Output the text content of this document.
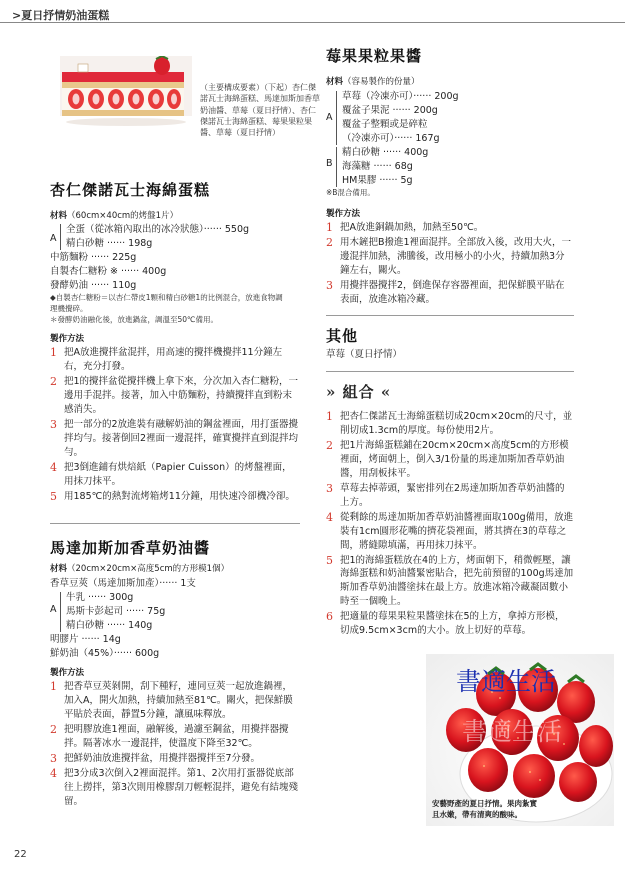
>夏日抒情奶油蛋糕
（主要構成要素）（下起）杏仁傑諾瓦士海綿蛋糕、馬達加斯加香草奶油醬、草莓（夏日抒情）、杏仁傑諾瓦士海綿蛋糕、莓果果粒果醬、草莓（夏日抒情）
杏仁傑諾瓦士海綿蛋糕
材料（60cm×40cm的烤盤1片）
A
全蛋（從冰箱內取出的冰冷狀態）······ 550g
精白砂糖 ······ 198g
中筋麵粉 ······ 225g
自製杏仁糖粉 ※ ······ 400g
發酵奶油 ······ 110g
◆自製杏仁糖粉＝以杏仁帶皮1顆和精白砂糖1的比例混合，放進食物調
理機攪碎。
＊發酵奶油融化後，放進鍋盆，調溫至50℃備用。
製作方法
1 把A放進攪拌盆混拌，用高速的攪拌機攪拌11分鐘左右，充分打發。
2 把1的攪拌盆從攪拌機上拿下來，分次加入杏仁糖粉，一邊用手混拌。接著，加入中筋麵粉，持續攪拌直到粉末感消失。
3 把一部分的2放進裝有融解奶油的鋼盆裡面，用打蛋器攪拌均勻。接著倒回2裡面一邊混拌，確實攪拌直到混拌均勻。
4 把3倒進鋪有烘焙紙（Papier Cuisson）的烤盤裡面，用抹刀抹平。
5 用185℃的熱對流烤箱烤11分鐘，用快速冷卻機冷卻。
馬達加斯加香草奶油醬
材料（20cm×20cm×高度5cm的方形模1個）
香草豆莢（馬達加斯加產）······ 1支
A
牛乳 ······ 300g
馬斯卡彭起司 ······ 75g
精白砂糖 ······ 140g
明膠片 ······ 14g
鮮奶油（45%）······ 600g
製作方法
1 把香草豆莢剝開，刮下種籽，連同豆莢一起放進鍋裡，加入A，開火加熱，持續加熱至81℃。關火，把保鮮膜平貼於表面，靜置5分鐘，讓風味釋放。
2 把明膠放進1裡面，融解後，過濾至鋼盆，用攪拌器攪拌。隔著冰水一邊混拌，使溫度下降至32℃。
3 把鮮奶油放進攪拌盆，用攪拌器攪拌至7分發。
4 把3分成3次倒入2裡面混拌。第1、2次用打蛋器從底部往上撈拌，第3次則用橡膠刮刀輕輕混拌，避免有結塊殘留。
莓果果粒果醬
材料（容易製作的份量）
A
草莓（冷凍亦可）······ 200g
覆盆子果泥 ······ 200g
覆盆子整顆或是碎粒
（冷凍亦可）······ 167g
B
精白砂糖 ······ 400g
海藻糖 ······ 68g
HM果膠 ······ 5g
※B混合備用。
製作方法
1 把A放進銅鍋加熱，加熱至50℃。
2 用木鏟把B撥進1裡面混拌。全部放入後，改用大火，一邊混拌加熱，沸騰後，改用極小的小火，持續加熱3分鐘左右，關火。
3 用攪拌器攪拌2，倒進保存容器裡面，把保鮮膜平貼在表面，放進冰箱冷藏。
其他
草莓（夏日抒情）
» 組合 «
1 把杏仁傑諾瓦士海綿蛋糕切成20cm×20cm的尺寸，並削切成1.3cm的厚度。每份使用2片。
2 把1片海綿蛋糕鋪在20cm×20cm×高度5cm的方形模裡面，烤面朝上，倒入3/1份量的馬達加斯加香草奶油醬，用刮板抹平。
3 草莓去掉蒂頭，緊密排列在2馬達加斯加香草奶油醬的上方。
4 從剩餘的馬達加斯加香草奶油醬裡面取100g備用，放進裝有1cm圓形花嘴的擠花袋裡面，將其擠在3的草莓之間，將縫隙填滿，再用抹刀抹平。
5 把1的海綿蛋糕放在4的上方，烤面朝下，稍微輕壓，讓海綿蛋糕和奶油醬緊密貼合，把先前預留的100g馬達加斯加香草奶油醬塗抹在最上方。放進冰箱冷藏凝固數小時至一個晚上。
6 把適量的莓果果粒果醬塗抹在5的上方，拿掉方形模，切成9.5cm×3cm的大小。放上切好的草莓。
安藝野產的夏日抒情。果肉紮實且水嫩，帶有清爽的酸味。
書適生活
書適生活
22
